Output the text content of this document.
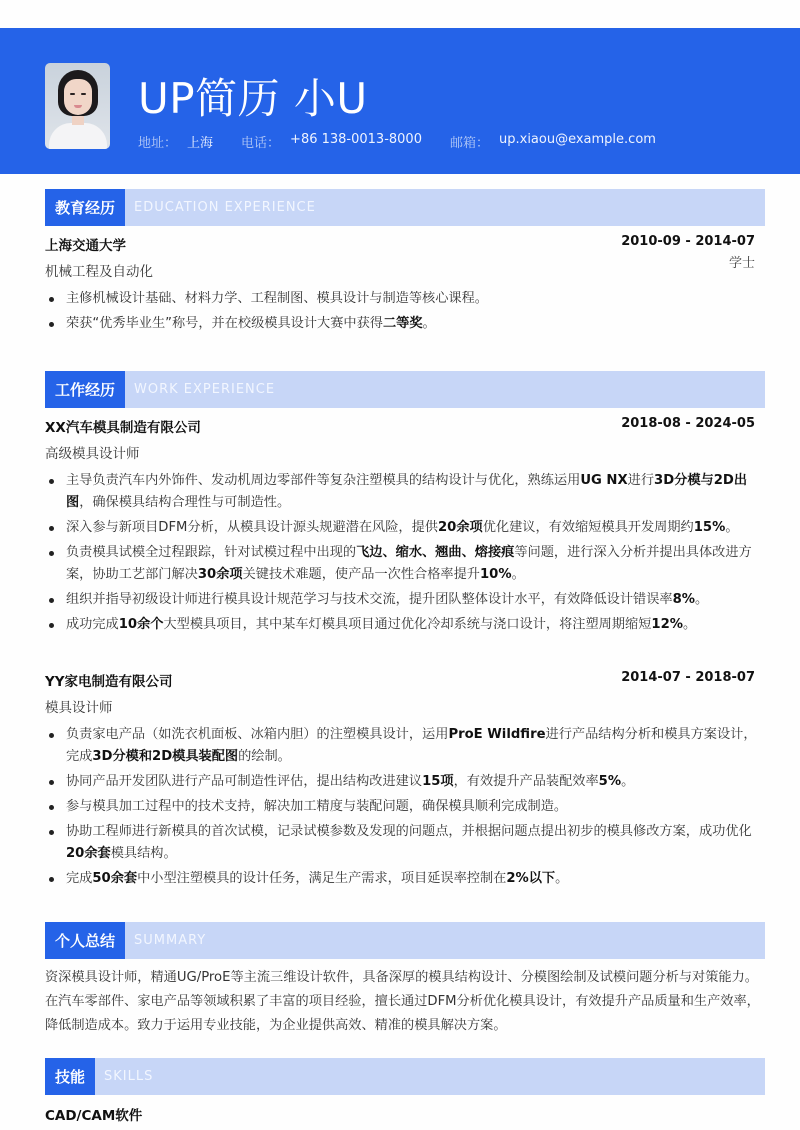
UP简历 小U
地址： 上海 电话： +86 138-0013-8000 邮箱： up.xiaou@example.com
教育经历	EDUCATION EXPERIENCE
上海交通大学	2010-09 - 2014-07
机械工程及自动化
学士
主修机械设计基础、材料力学、工程制图、模具设计与制造等核心课程。
荣获“优秀毕业生”称号，并在校级模具设计大赛中获得二等奖。
工作经历	WORK EXPERIENCE
XX汽车模具制造有限公司	2018-08 - 2024-05
高级模具设计师
主导负责汽车内外饰件、发动机周边零部件等复杂注塑模具的结构设计与优化，熟练运用UG NX进行3D分模与2D出图，确保模具结构合理性与可制造性。
深入参与新项目DFM分析，从模具设计源头规避潜在风险，提供20余项优化建议，有效缩短模具开发周期约15%。
负责模具试模全过程跟踪，针对试模过程中出现的飞边、缩水、翘曲、熔接痕等问题，进行深入分析并提出具体改进方案，协助工艺部门解决30余项关键技术难题，使产品一次性合格率提升10%。
组织并指导初级设计师进行模具设计规范学习与技术交流，提升团队整体设计水平，有效降低设计错误率8%。
成功完成10余个大型模具项目，其中某车灯模具项目通过优化冷却系统与浇口设计，将注塑周期缩短12%。
YY家电制造有限公司	2014-07 - 2018-07
模具设计师
负责家电产品（如洗衣机面板、冰箱内胆）的注塑模具设计，运用ProE Wildfire进行产品结构分析和模具方案设计，完成3D分模和2D模具装配图的绘制。
协同产品开发团队进行产品可制造性评估，提出结构改进建议15项，有效提升产品装配效率5%。
参与模具加工过程中的技术支持，解决加工精度与装配问题，确保模具顺利完成制造。
协助工程师进行新模具的首次试模，记录试模参数及发现的问题点，并根据问题点提出初步的模具修改方案，成功优化20余套模具结构。
完成50余套中小型注塑模具的设计任务，满足生产需求，项目延误率控制在2%以下。
个人总结	SUMMARY
资深模具设计师，精通UG/ProE等主流三维设计软件，具备深厚的模具结构设计、分模图绘制及试模问题分析与对策能力。在汽车零部件、家电产品等领域积累了丰富的项目经验，擅长通过DFM分析优化模具设计，有效提升产品质量和生产效率，降低制造成本。致力于运用专业技能，为企业提供高效、精准的模具解决方案。
技能	SKILLS
CAD/CAM软件
